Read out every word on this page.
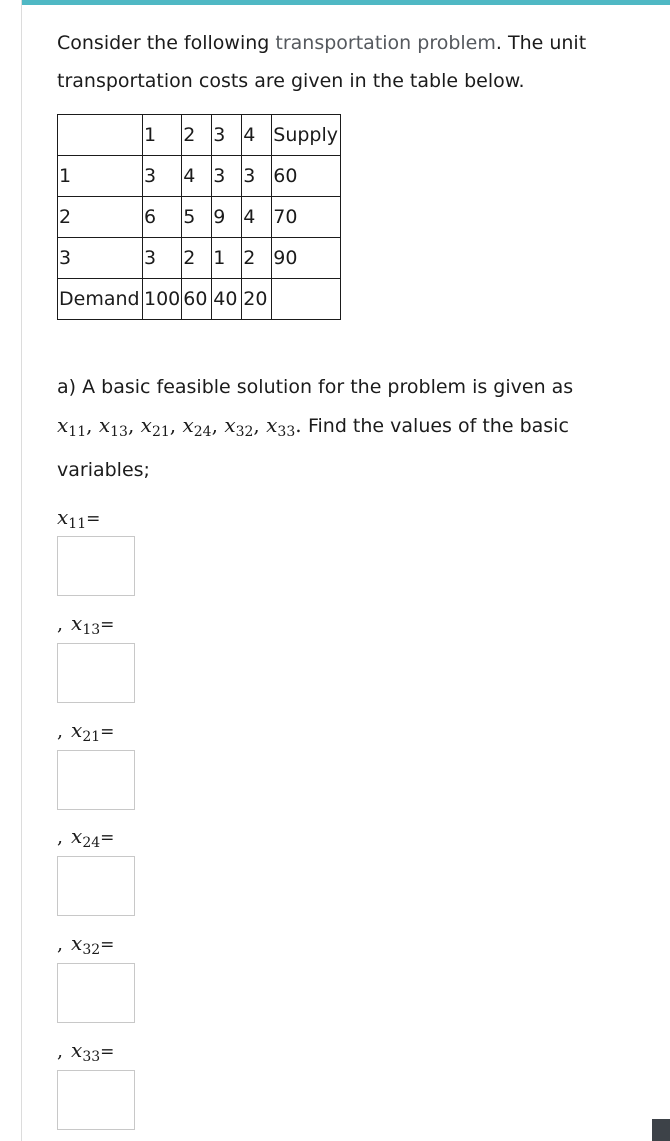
Consider the following transportation problem. The unit transportation costs are given in the table below.

	1	2	3	4	Supply
1	3	4	3	3	60
2	6	5	9	4	70
3	3	2	1	2	90
Demand	100	60	40	20	

a) A basic feasible solution for the problem is given as
$x_{11}$, $x_{13}$, $x_{21}$, $x_{24}$, $x_{32}$, $x_{33}$. Find the values of the basic variables;

$x_{11}=$
, $x_{13}=$
, $x_{21}=$
, $x_{24}=$
, $x_{32}=$
, $x_{33}=$
